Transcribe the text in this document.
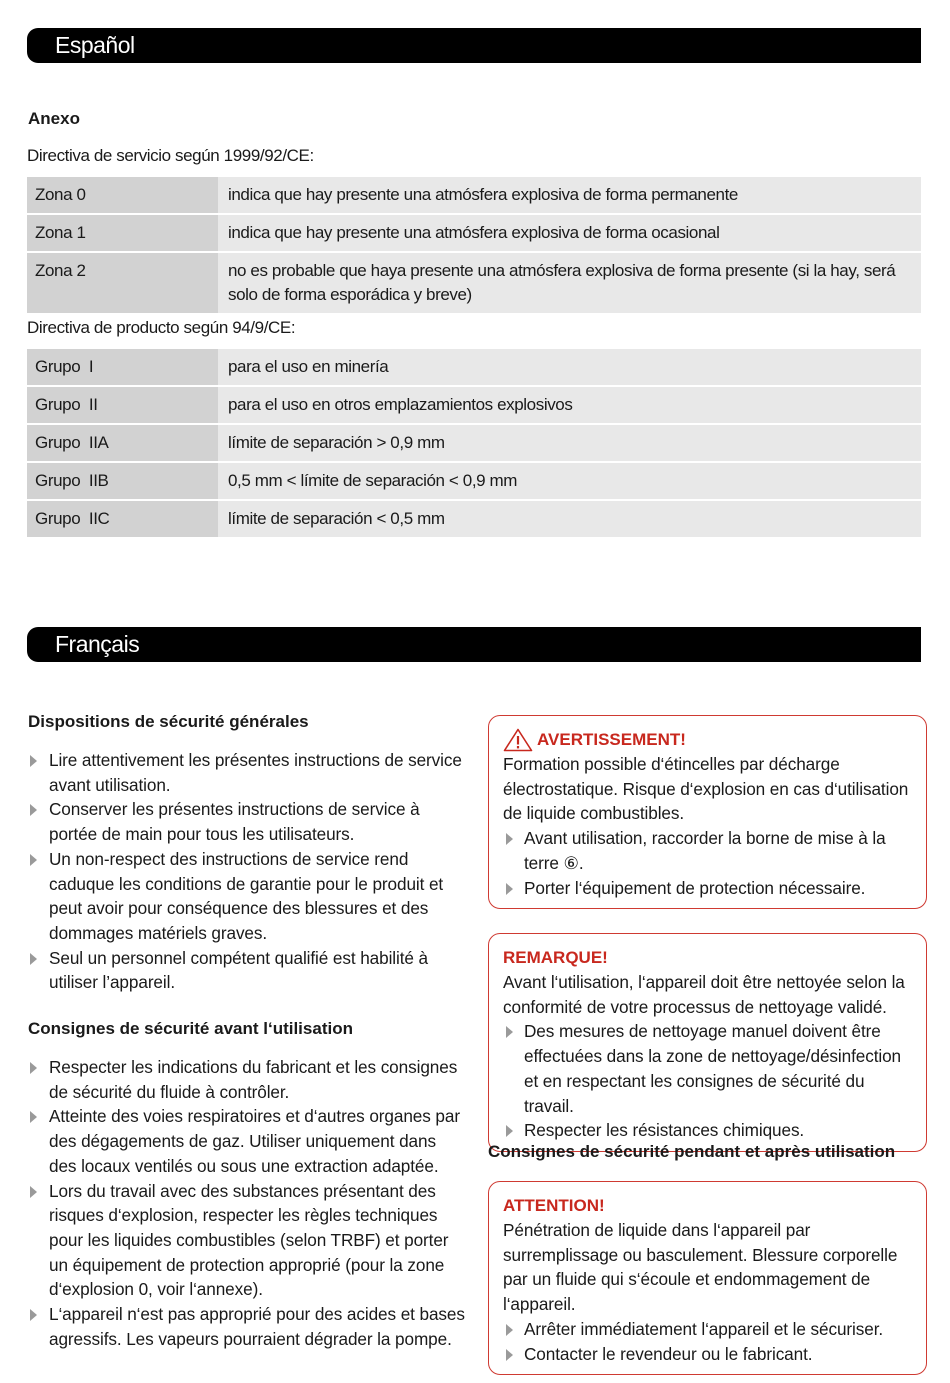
Español
Anexo
Directiva de servicio según 1999/92/CE:
Zona 0	indica que hay presente una atmósfera explosiva de forma permanente
Zona 1	indica que hay presente una atmósfera explosiva de forma ocasional
Zona 2	no es probable que haya presente una atmósfera explosiva de forma presente (si la hay, será solo de forma esporádica y breve)
Directiva de producto según 94/9/CE:
Grupo  I	para el uso en minería
Grupo  II	para el uso en otros emplazamientos explosivos
Grupo  IIA	límite de separación > 0,9 mm
Grupo  IIB	0,5 mm < límite de separación < 0,9 mm
Grupo  IIC	límite de separación < 0,5 mm
Français
Dispositions de sécurité générales
Lire attentivement les présentes instructions de service avant utilisation.
Conserver les présentes instructions de service à portée de main pour tous les utilisateurs.
Un non-respect des instructions de service rend caduque les conditions de garantie pour le produit et peut avoir pour conséquence des blessures et des dommages matériels graves.
Seul un personnel compétent qualifié est habilité à utiliser l’appareil.
Consignes de sécurité avant l‘utilisation
Respecter les indications du fabricant et les consignes de sécurité du fluide à contrôler.
Atteinte des voies respiratoires et d‘autres organes par des dégagements de gaz. Utiliser uniquement dans des locaux ventilés ou sous une extraction adaptée.
Lors du travail avec des substances présentant des risques d‘explosion, respecter les règles techniques pour les liquides combustibles (selon TRBF) et porter un équipement de protection approprié (pour la zone d‘explosion 0, voir l‘annexe).
L‘appareil n‘est pas approprié pour des acides et bases agressifs. Les vapeurs pourraient dégrader la pompe.
AVERTISSEMENT!
Formation possible d‘étincelles par décharge électrostatique. Risque d‘explosion en cas d‘utilisation de liquide combustibles.
Avant utilisation, raccorder la borne de mise à la terre ⑥.
Porter l‘équipement de protection nécessaire.
REMARQUE!
Avant l‘utilisation, l‘appareil doit être nettoyée selon la conformité de votre processus de nettoyage validé.
Des mesures de nettoyage manuel doivent être effectuées dans la zone de nettoyage/désinfection et en respectant les consignes de sécurité du travail.
Respecter les résistances chimiques.
Consignes de sécurité pendant et après utilisation
ATTENTION!
Pénétration de liquide dans l‘appareil par surremplissage ou basculement. Blessure corporelle par un fluide qui s‘écoule et endommagement de l‘appareil.
Arrêter immédiatement l‘appareil et le sécuriser.
Contacter le revendeur ou le fabricant.
